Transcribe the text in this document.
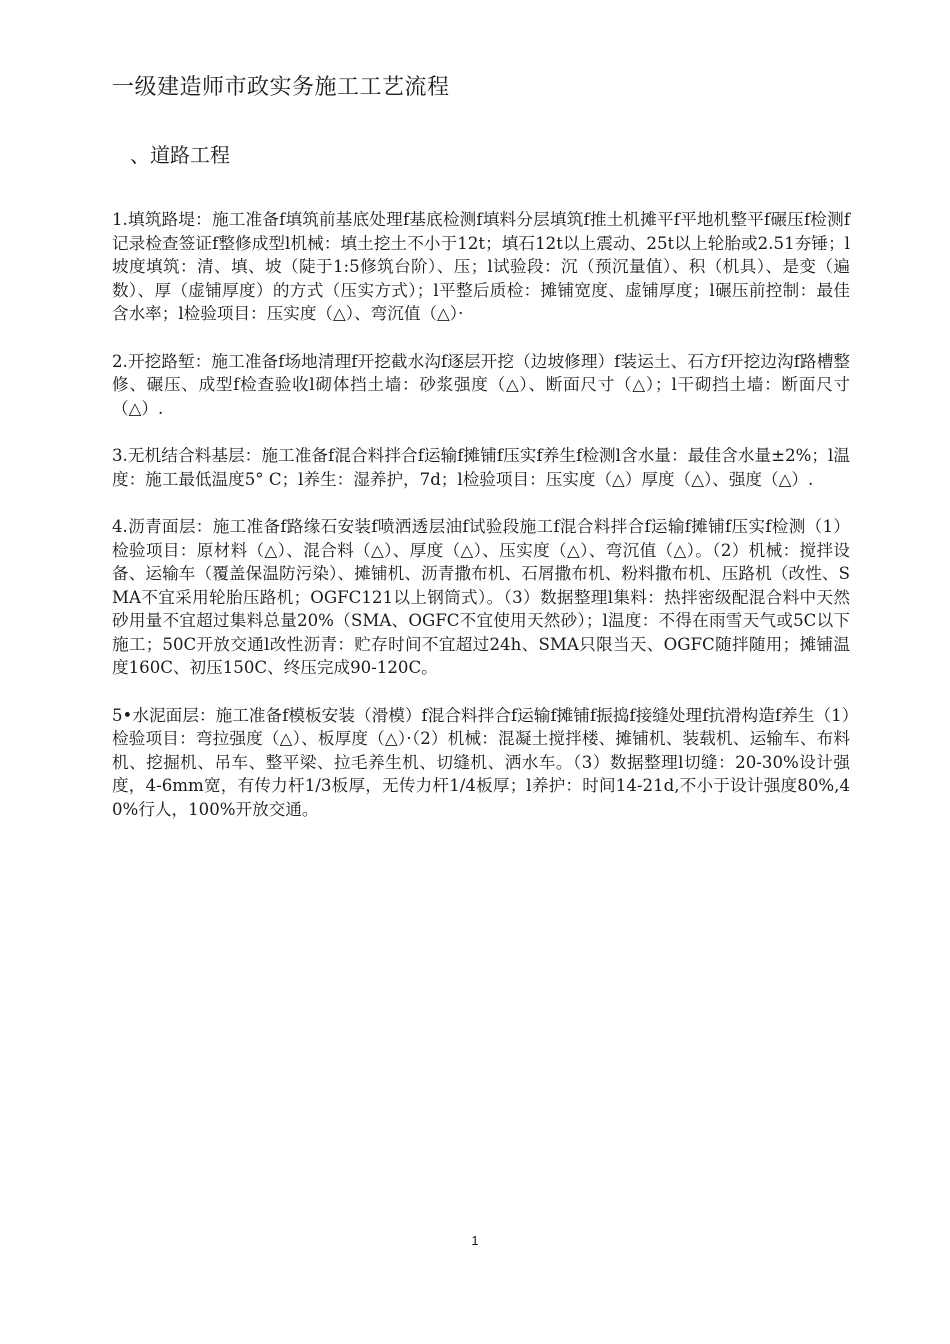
一级建造师市政实务施工工艺流程
、道路工程

1.填筑路堤：施工准备f填筑前基底处理f基底检测f填料分层填筑f推土机摊平f平地机整平f碾压f检测f记录检查签证f整修成型l机械：填土挖土不小于12t；填石12t以上震动、25t以上轮胎或2.51夯锤；l坡度填筑：清、填、坡（陡于1:5修筑台阶）、压；l试验段：沉（预沉量值）、积（机具）、是变（遍数）、厚（虚铺厚度）的方式（压实方式）；l平整后质检：摊铺宽度、虚铺厚度；l碾压前控制：最佳含水率；l检验项目：压实度（△）、弯沉值（△）·

2.开挖路堑：施工准备f场地清理f开挖截水沟f逐层开挖（边坡修理）f装运土、石方f开挖边沟f路槽整修、碾压、成型f检查验收l砌体挡土墙：砂浆强度（△）、断面尺寸（△）；l干砌挡土墙：断面尺寸（△）.

3.无机结合料基层：施工准备f混合料拌合f运输f摊铺f压实f养生f检测l含水量：最佳含水量±2%；l温度：施工最低温度5° C；l养生：湿养护，7d；l检验项目：压实度（△）厚度（△）、强度（△）.

4.沥青面层：施工准备f路缘石安装f喷洒透层油f试验段施工f混合料拌合f运输f摊铺f压实f检测（1）检验项目：原材料（△）、混合料（△）、厚度（△）、压实度（△）、弯沉值（△）。（2）机械：搅拌设备、运输车（覆盖保温防污染）、摊铺机、沥青撒布机、石屑撒布机、粉料撒布机、压路机（改性、SMA不宜采用轮胎压路机；OGFC121以上钢筒式）。（3）数据整理l集料：热拌密级配混合料中天然砂用量不宜超过集料总量20%（SMA、OGFC不宜使用天然砂）；l温度：不得在雨雪天气或5C以下施工；50C开放交通l改性沥青：贮存时间不宜超过24h、SMA只限当天、OGFC随拌随用；摊铺温度160C、初压150C、终压完成90-120C。

5•水泥面层：施工准备f模板安装（滑模）f混合料拌合f运输f摊铺f振捣f接缝处理f抗滑构造f养生（1）检验项目：弯拉强度（△）、板厚度（△）·（2）机械：混凝土搅拌楼、摊铺机、装载机、运输车、布料机、挖掘机、吊车、整平梁、拉毛养生机、切缝机、洒水车。（3）数据整理l切缝：20-30%设计强度，4-6mm宽，有传力杆1/3板厚，无传力杆1/4板厚；l养护：时间14-21d,不小于设计强度80%,40%行人，100%开放交通。

1
